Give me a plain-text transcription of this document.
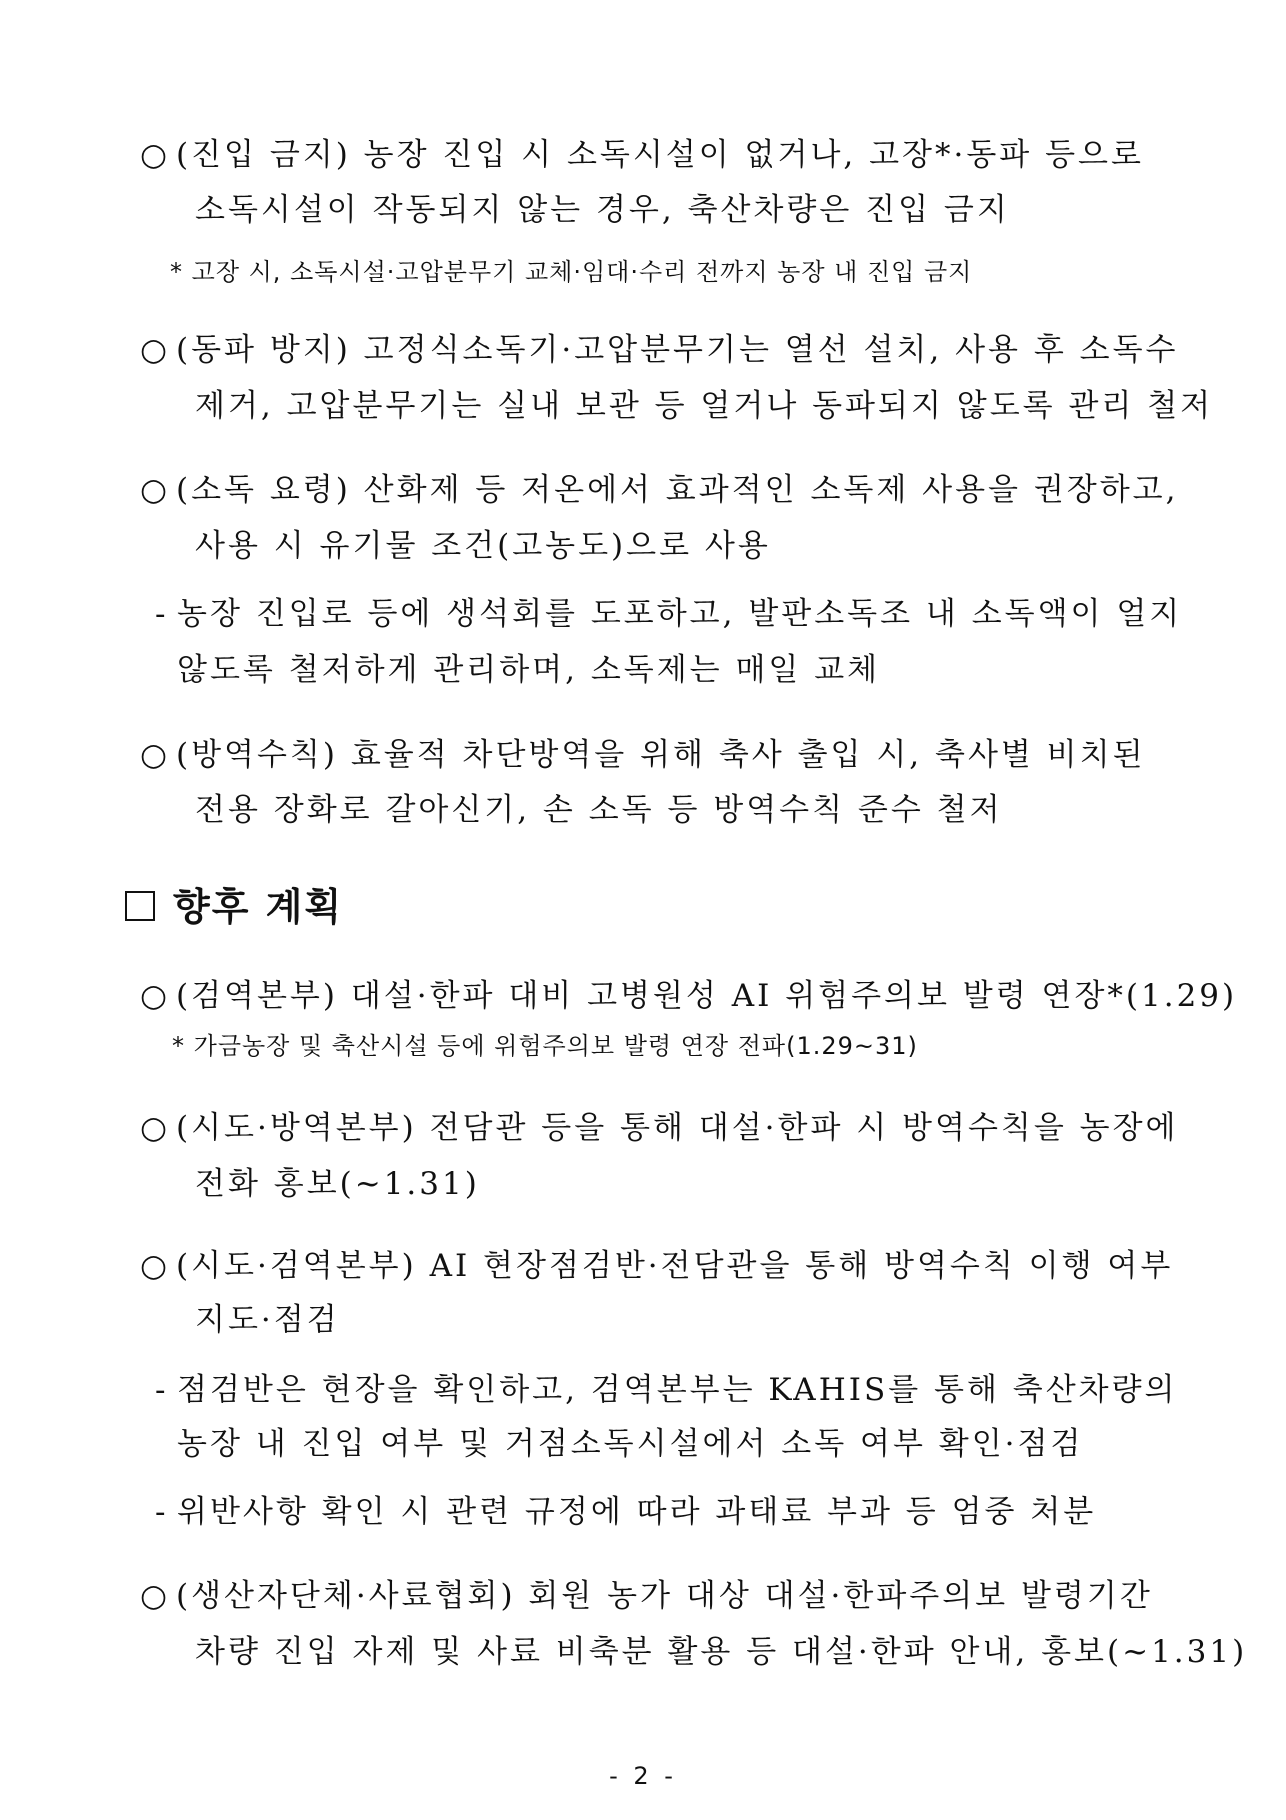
○ (진입 금지) 농장 진입 시 소독시설이 없거나, 고장*·동파 등으로
소독시설이 작동되지 않는 경우, 축산차량은 진입 금지
* 고장 시, 소독시설·고압분무기 교체·임대·수리 전까지 농장 내 진입 금지
○ (동파 방지) 고정식소독기·고압분무기는 열선 설치, 사용 후 소독수
제거, 고압분무기는 실내 보관 등 얼거나 동파되지 않도록 관리 철저
○ (소독 요령) 산화제 등 저온에서 효과적인 소독제 사용을 권장하고,
사용 시 유기물 조건(고농도)으로 사용
- 농장 진입로 등에 생석회를 도포하고, 발판소독조 내 소독액이 얼지
않도록 철저하게 관리하며, 소독제는 매일 교체
○ (방역수칙) 효율적 차단방역을 위해 축사 출입 시, 축사별 비치된
전용 장화로 갈아신기, 손 소독 등 방역수칙 준수 철저
향후 계획
○ (검역본부) 대설·한파 대비 고병원성 AI 위험주의보 발령 연장*(1.29)
* 가금농장 및 축산시설 등에 위험주의보 발령 연장 전파(1.29~31)
○ (시도·방역본부) 전담관 등을 통해 대설·한파 시 방역수칙을 농장에
전화 홍보(~1.31)
○ (시도·검역본부) AI 현장점검반·전담관을 통해 방역수칙 이행 여부
지도·점검
- 점검반은 현장을 확인하고, 검역본부는 KAHIS를 통해 축산차량의
농장 내 진입 여부 및 거점소독시설에서 소독 여부 확인·점검
- 위반사항 확인 시 관련 규정에 따라 과태료 부과 등 엄중 처분
○ (생산자단체·사료협회) 회원 농가 대상 대설·한파주의보 발령기간
차량 진입 자제 및 사료 비축분 활용 등 대설·한파 안내, 홍보(~1.31)
- 2 -
